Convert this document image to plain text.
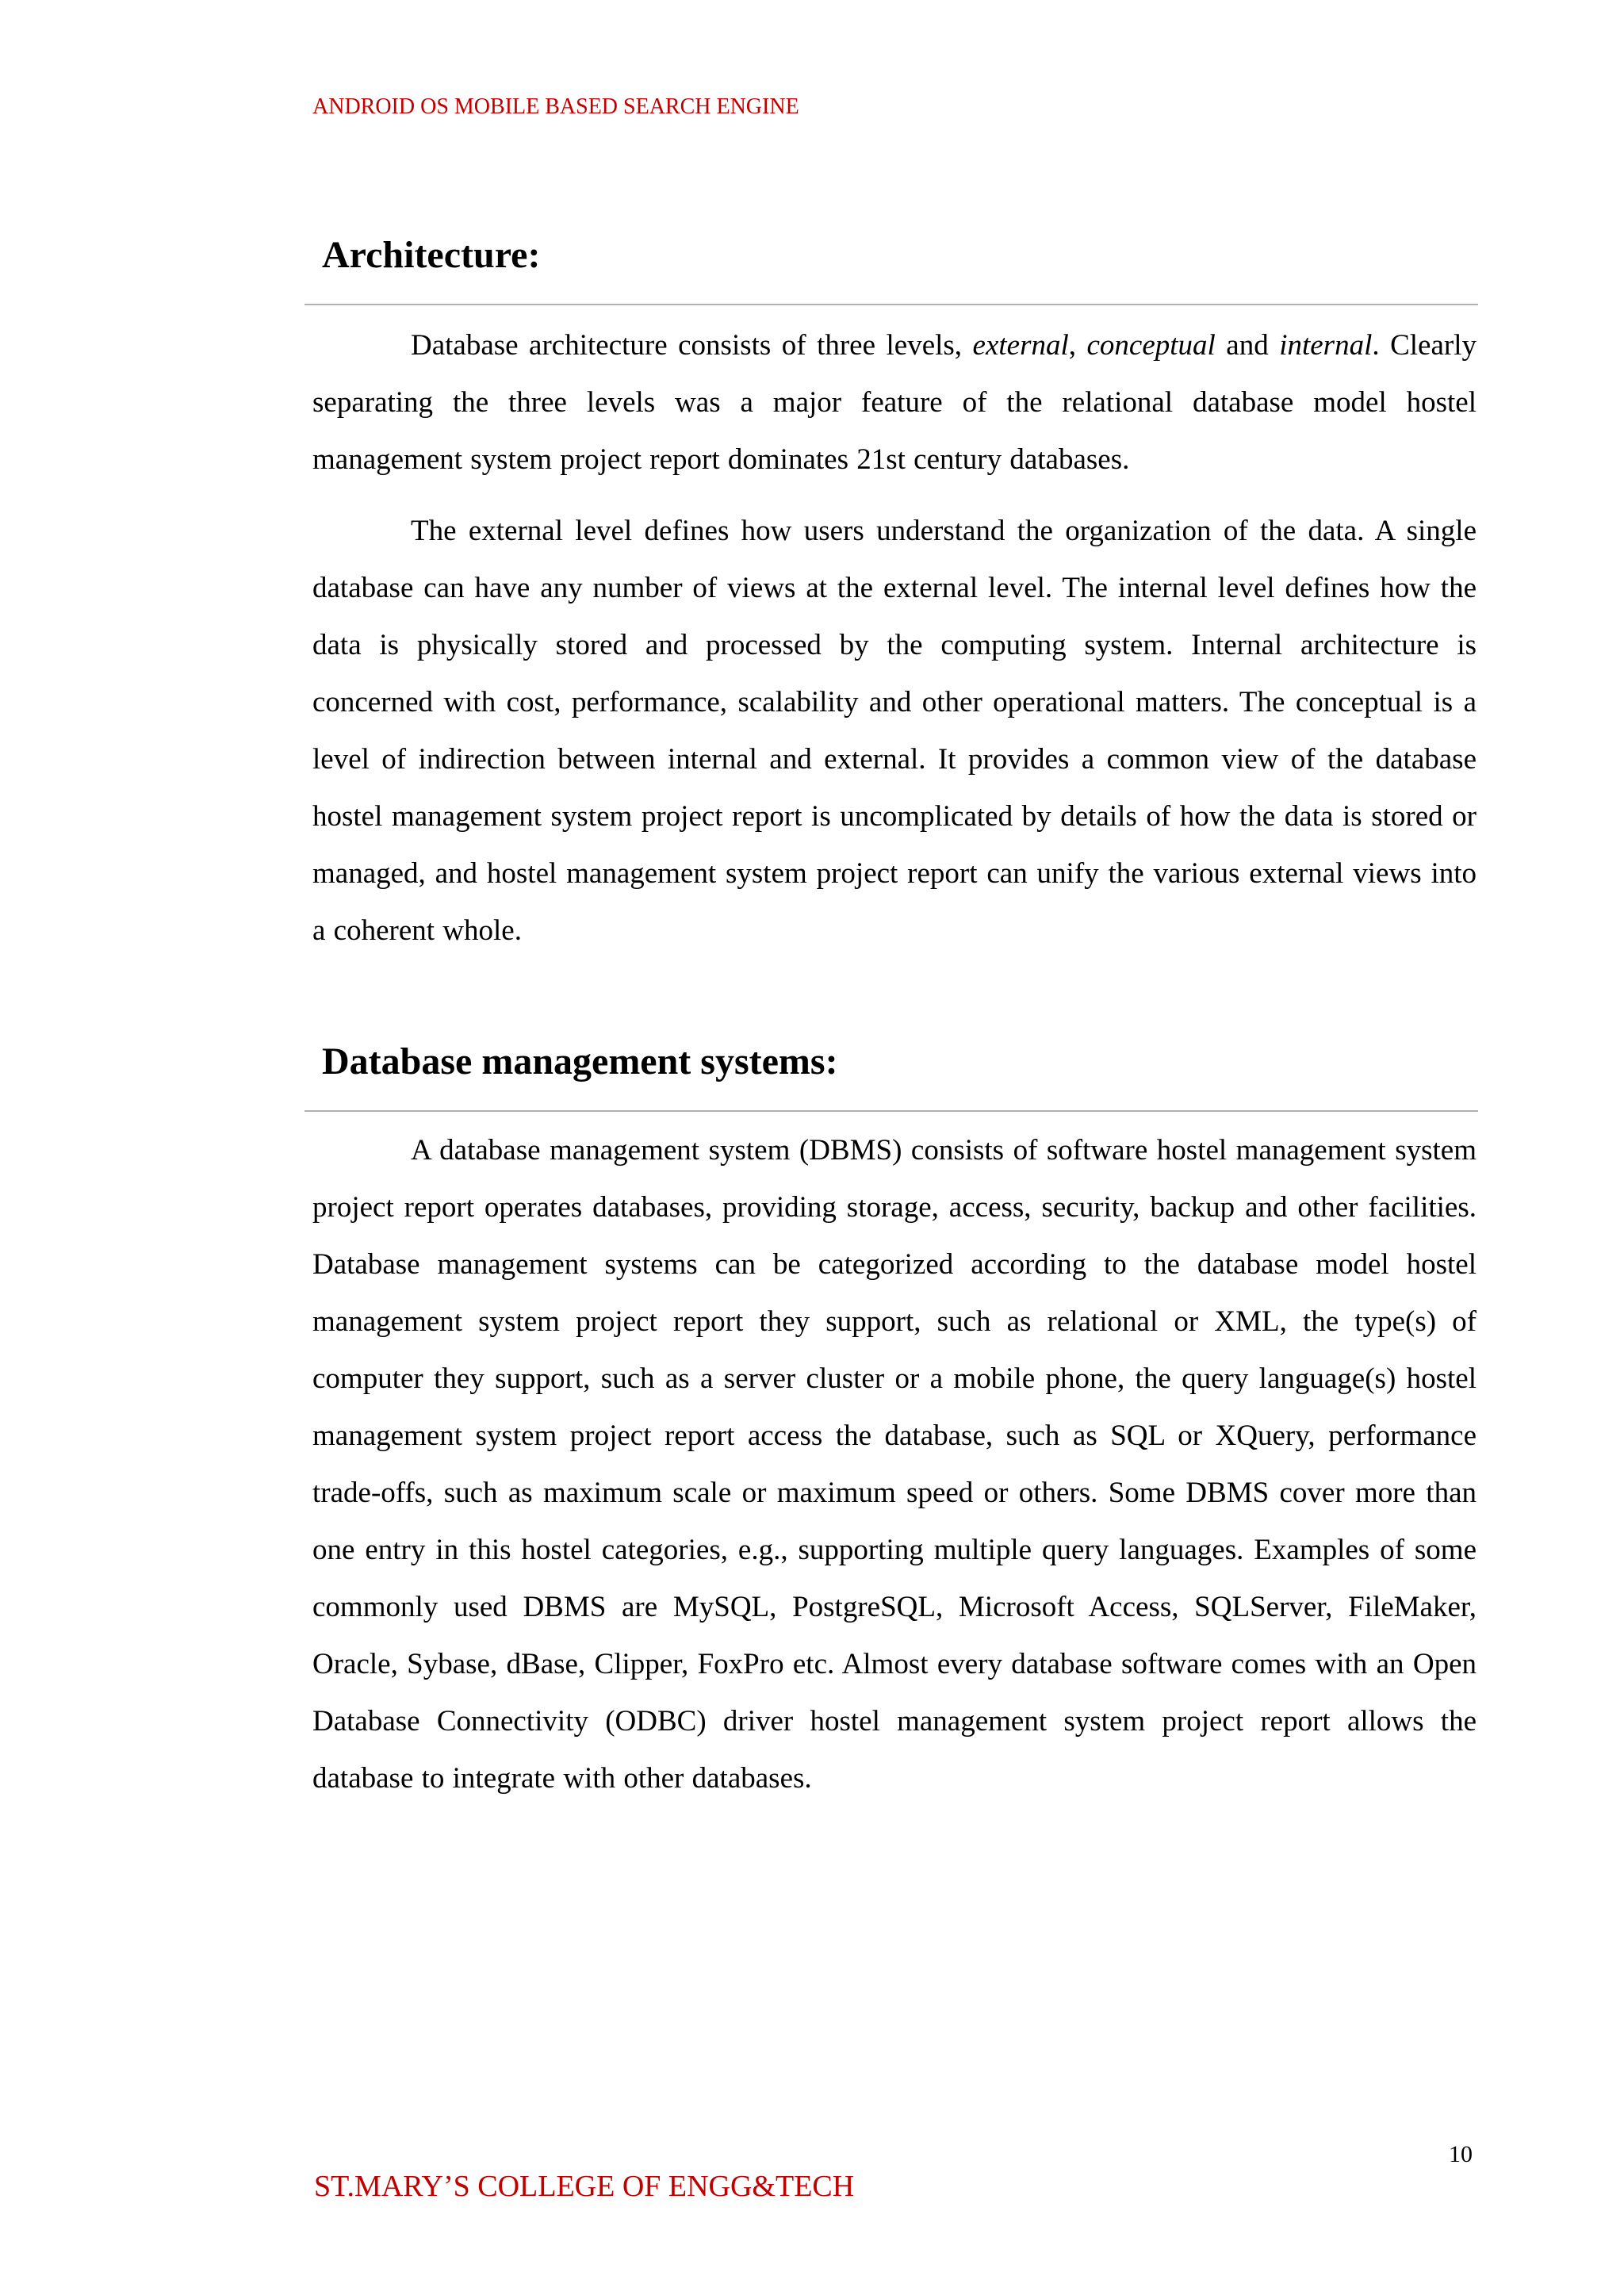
ANDROID OS MOBILE BASED SEARCH ENGINE
Architecture:

Database architecture consists of three levels, external, conceptual and internal. Clearly separating the three levels was a major feature of the relational database model hostel management system project report dominates 21st century databases.

The external level defines how users understand the organization of the data. A single database can have any number of views at the external level. The internal level defines how the data is physically stored and processed by the computing system. Internal architecture is concerned with cost, performance, scalability and other operational matters. The conceptual is a level of indirection between internal and external. It provides a common view of the database hostel management system project report is uncomplicated by details of how the data is stored or managed, and hostel management system project report can unify the various external views into a coherent whole.

Database management systems:

A database management system (DBMS) consists of software hostel management system project report operates databases, providing storage, access, security, backup and other facilities. Database management systems can be categorized according to the database model hostel management system project report they support, such as relational or XML, the type(s) of computer they support, such as a server cluster or a mobile phone, the query language(s) hostel management system project report access the database, such as SQL or XQuery, performance trade-offs, such as maximum scale or maximum speed or others. Some DBMS cover more than one entry in this hostel categories, e.g., supporting multiple query languages. Examples of some commonly used DBMS are MySQL, PostgreSQL, Microsoft Access, SQLServer, FileMaker, Oracle, Sybase, dBase, Clipper, FoxPro etc. Almost every database software comes with an Open Database Connectivity (ODBC) driver hostel management system project report allows the database to integrate with other databases.

10
ST.MARY’S COLLEGE OF ENGG&TECH
